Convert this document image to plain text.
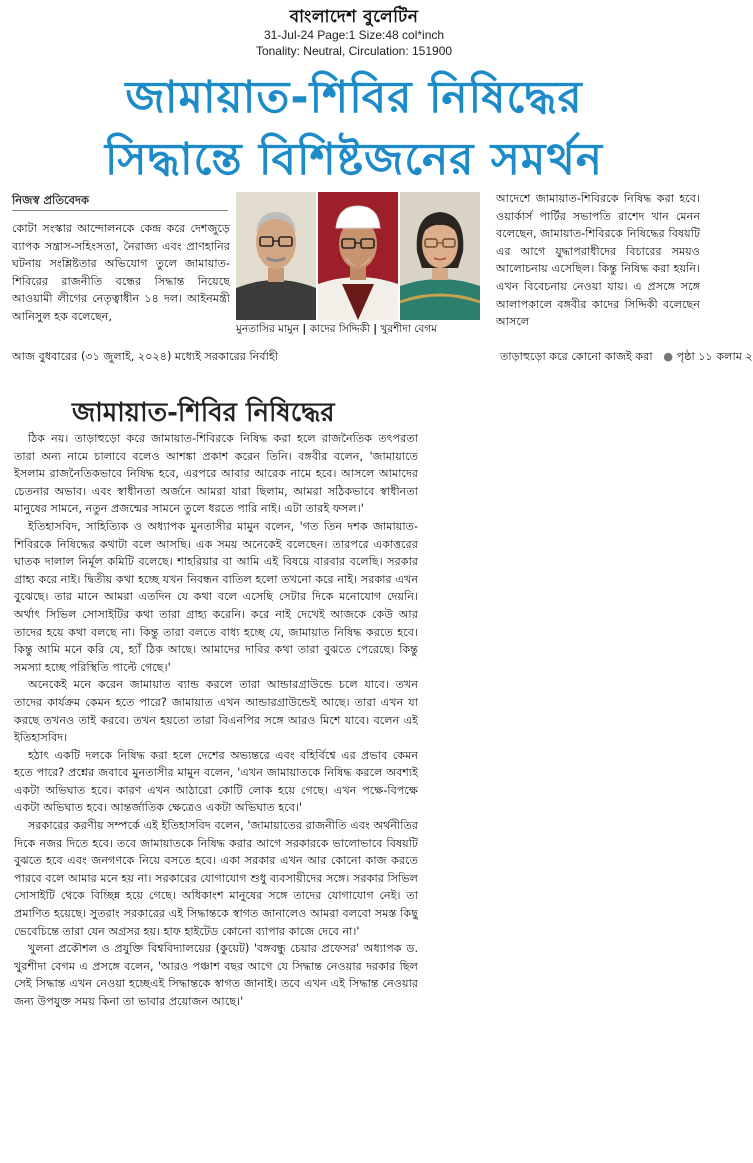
বাংলাদেশ বুলেটিন
31-Jul-24 Page:1 Size:48 col*inch
Tonality: Neutral, Circulation: 151900
জামায়াত-শিবির নিষিদ্ধের
সিদ্ধান্তে বিশিষ্টজনের সমর্থন
নিজস্ব প্রতিবেদক

কোটা সংস্কার আন্দোলনকে কেন্দ্র করে দেশজুড়ে ব্যাপক সন্ত্রাস-সহিংসতা, নৈরাজ্য এবং প্রাণহানির ঘটনায় সংশ্লিষ্টতার অভিযোগ তুলে জামায়াত-শিবিরের রাজনীতি বন্ধের সিদ্ধান্ত নিয়েছে আওয়ামী লীগের নেতৃত্বাধীন ১৪ দল। আইনমন্ত্রী আনিসুল হক বলেছেন,

আজ বুধবারের (৩১ জুলাই, ২০২৪) মধ্যেই সরকারের নির্বাহী
মুনতাসির মামুন | কাদের সিদ্দিকী | খুরশীদা বেগম

আদেশে জামায়াত-শিবিরকে নিষিদ্ধ করা হবে। ওয়ার্কার্স পার্টির সভাপতি রাশেদ খান মেনন বলেছেন, জামায়াত-শিবিরকে নিষিদ্ধের বিষয়টি এর আগে যুদ্ধাপরাধীদের বিচারের সময়ও আলোচনায় এসেছিল। কিন্তু নিষিদ্ধ করা হয়নি। এখন বিবেচনায় নেওয়া যায়। এ প্রসঙ্গে সঙ্গে আলাপকালে বঙ্গবীর কাদের সিদ্দিকী বলেছেন আসলে

তাড়াহুড়ো করে কোনো কাজই করা   ● পৃষ্ঠা ১১ কলাম ২
জামায়াত-শিবির নিষিদ্ধের

ঠিক নয়। তাড়াহুড়ো করে জামায়াত-শিবিরকে নিষিদ্ধ করা হলে রাজনৈতিক তৎপরতা তারা অন্য নামে চালাবে বলেও আশঙ্কা প্রকাশ করেন তিনি। বঙ্গবীর বলেন, 'জামায়াতে ইসলাম রাজনৈতিকভাবে নিষিদ্ধ হবে, এরপরে আবার আরেক নামে হবে। আসলে আমাদের চেতনার অভাব। এবং স্বাধীনতা অর্জনে আমরা যারা ছিলাম, আমরা সঠিকভাবে স্বাধীনতা মানুষের সামনে, নতুন প্রজন্মের সামনে তুলে ধরতে পারি নাই। এটা তারই ফসল।'

ইতিহাসবিদ, সাহিত্যিক ও অধ্যাপক মুনতাসীর মামুন বলেন, 'গত তিন দশক জামায়াত-শিবিরকে নিষিদ্ধের কথাটা বলে আসছি। এক সময় অনেকেই বলেছেন। তারপরে একাত্তরের ঘাতক দালাল নির্মূল কমিটি বলেছে। শাহরিয়ার বা আমি এই বিষয়ে বারবার বলেছি। সরকার গ্রাহ্য করে নাই। দ্বিতীয় কথা হচ্ছে যখন নিবন্ধন বাতিল হলো তখনো করে নাই। সরকার এখন বুঝেছে। তার মানে আমরা এতদিন যে কথা বলে এসেছি সেটার দিকে মনোযোগ দেয়নি। অর্থাৎ সিভিল সোসাইটির কথা তারা গ্রাহ্য করেনি। করে নাই দেখেই আজকে কেউ আর তাদের হয়ে কথা বলছে না। কিন্তু তারা বলতে বাধ্য হচ্ছে যে, জামায়াত নিষিদ্ধ করতে হবে। কিন্তু আমি মনে করি যে, হ্যাঁ ঠিক আছে। আমাদের দাবির কথা তারা বুঝতে পেরেছে। কিন্তু সমস্যা হচ্ছে পরিস্থিতি পাল্টে গেছে।'

অনেকেই মনে করেন জামায়াত ব্যান্ড করলে তারা আন্ডারগ্রাউন্ডে চলে যাবে। তখন তাদের কার্যক্রম কেমন হতে পারে? জামায়াত এখন আন্ডারগ্রাউন্ডেই আছে। তারা এখন যা করছে তখনও তাই করবে। তখন হয়তো তারা বিএনপির সঙ্গে আরও মিশে যাবে। বলেন এই ইতিহাসবিদ।

হঠাৎ একটি দলকে নিষিদ্ধ করা হলে দেশের অভ্যন্তরে এবং বহির্বিশ্বে এর প্রভাব কেমন হতে পারে? প্রশ্নের জবাবে মুনতাসীর মামুন বলেন, 'এখন জামায়াতকে নিষিদ্ধ করলে অবশ্যই একটা অভিঘাত হবে। কারণ এখন আঠারো কোটি লোক হয়ে গেছে। এখন পক্ষে-বিপক্ষে একটা অভিঘাত হবে। আন্তর্জাতিক ক্ষেত্রেও একটা অভিঘাত হবে।'

সরকারের করণীয় সম্পর্কে এই ইতিহাসবিদ বলেন, 'জামায়াতের রাজনীতি এবং অর্থনীতির দিকে নজর দিতে হবে। তবে জামায়াতকে নিষিদ্ধ করার আগে সরকারকে ভালোভাবে বিষয়টি বুঝতে হবে এবং জনগণকে নিয়ে বসতে হবে। একা সরকার এখন আর কোনো কাজ করতে পারবে বলে আমার মনে হয় না। সরকারের যোগাযোগ শুধু ব্যবসায়ীদের সঙ্গে। সরকার সিভিল সোসাইটি থেকে বিচ্ছিন্ন হয়ে গেছে। অধিকাংশ মানুষের সঙ্গে তাদের যোগাযোগ নেই। তা প্রমাণিত হয়েছে। সুতরাং সরকারের এই সিদ্ধান্তকে স্বাগত জানালেও আমরা বলবো সমস্ত কিছু ভেবেচিন্তে তারা যেন অগ্রসর হয়। হাফ হাইটেড কোনো ব্যাপার কাজে দেবে না।'

খুলনা প্রকৌশল ও প্রযুক্তি বিশ্ববিদ্যালয়ের (কুয়েট) 'বঙ্গবন্ধু চেয়ার প্রফেসর' অধ্যাপক ড. খুরশীদা বেগম এ প্রসঙ্গে বলেন, 'আরও পঞ্চাশ বছর আগে যে সিদ্ধান্ত নেওয়ার দরকার ছিল সেই সিদ্ধান্ত এখন নেওয়া হচ্ছেএই সিদ্ধান্তকে স্বাগত জানাই। তবে এখন এই সিদ্ধান্ত নেওয়ার জন্য উপযুক্ত সময় কিনা তা ভাবার প্রয়োজন আছে।'
